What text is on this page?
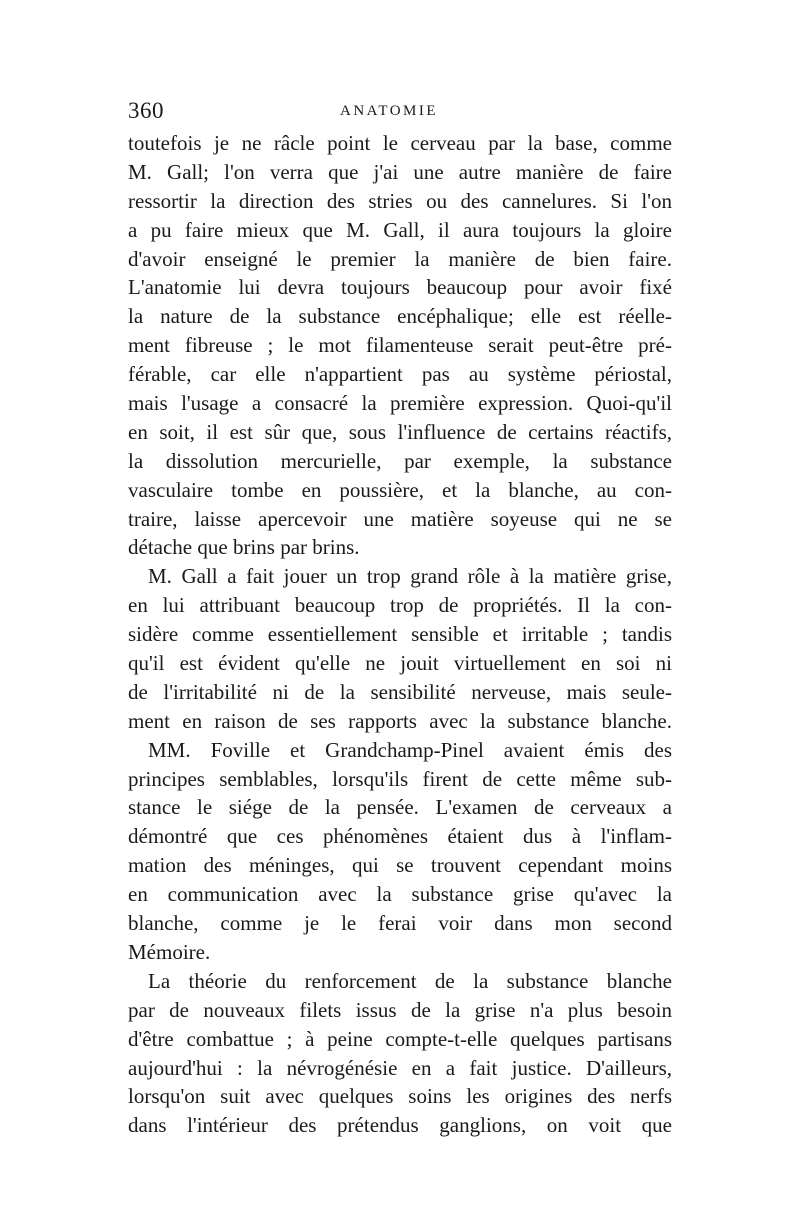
360	ANATOMIE
toutefois je ne râcle point le cerveau par la base, comme
M. Gall; l'on verra que j'ai une autre manière de faire
ressortir la direction des stries ou des cannelures. Si l'on
a pu faire mieux que M. Gall, il aura toujours la gloire
d'avoir enseigné le premier la manière de bien faire.
L'anatomie lui devra toujours beaucoup pour avoir fixé
la nature de la substance encéphalique; elle est réelle-
ment fibreuse ; le mot filamenteuse serait peut-être pré-
férable, car elle n'appartient pas au système périostal,
mais l'usage a consacré la première expression. Quoi-qu'il
en soit, il est sûr que, sous l'influence de certains réactifs,
la dissolution mercurielle, par exemple, la substance
vasculaire tombe en poussière, et la blanche, au con-
traire, laisse apercevoir une matière soyeuse qui ne se
détache que brins par brins.
M. Gall a fait jouer un trop grand rôle à la matière grise,
en lui attribuant beaucoup trop de propriétés. Il la con-
sidère comme essentiellement sensible et irritable ; tandis
qu'il est évident qu'elle ne jouit virtuellement en soi ni
de l'irritabilité ni de la sensibilité nerveuse, mais seule-
ment en raison de ses rapports avec la substance blanche.
MM. Foville et Grandchamp-Pinel avaient émis des
principes semblables, lorsqu'ils firent de cette même sub-
stance le siége de la pensée. L'examen de cerveaux a
démontré que ces phénomènes étaient dus à l'inflam-
mation des méninges, qui se trouvent cependant moins
en communication avec la substance grise qu'avec la
blanche, comme je le ferai voir dans mon second
Mémoire.
La théorie du renforcement de la substance blanche
par de nouveaux filets issus de la grise n'a plus besoin
d'être combattue ; à peine compte-t-elle quelques partisans
aujourd'hui : la névrogénésie en a fait justice. D'ailleurs,
lorsqu'on suit avec quelques soins les origines des nerfs
dans l'intérieur des prétendus ganglions, on voit que
